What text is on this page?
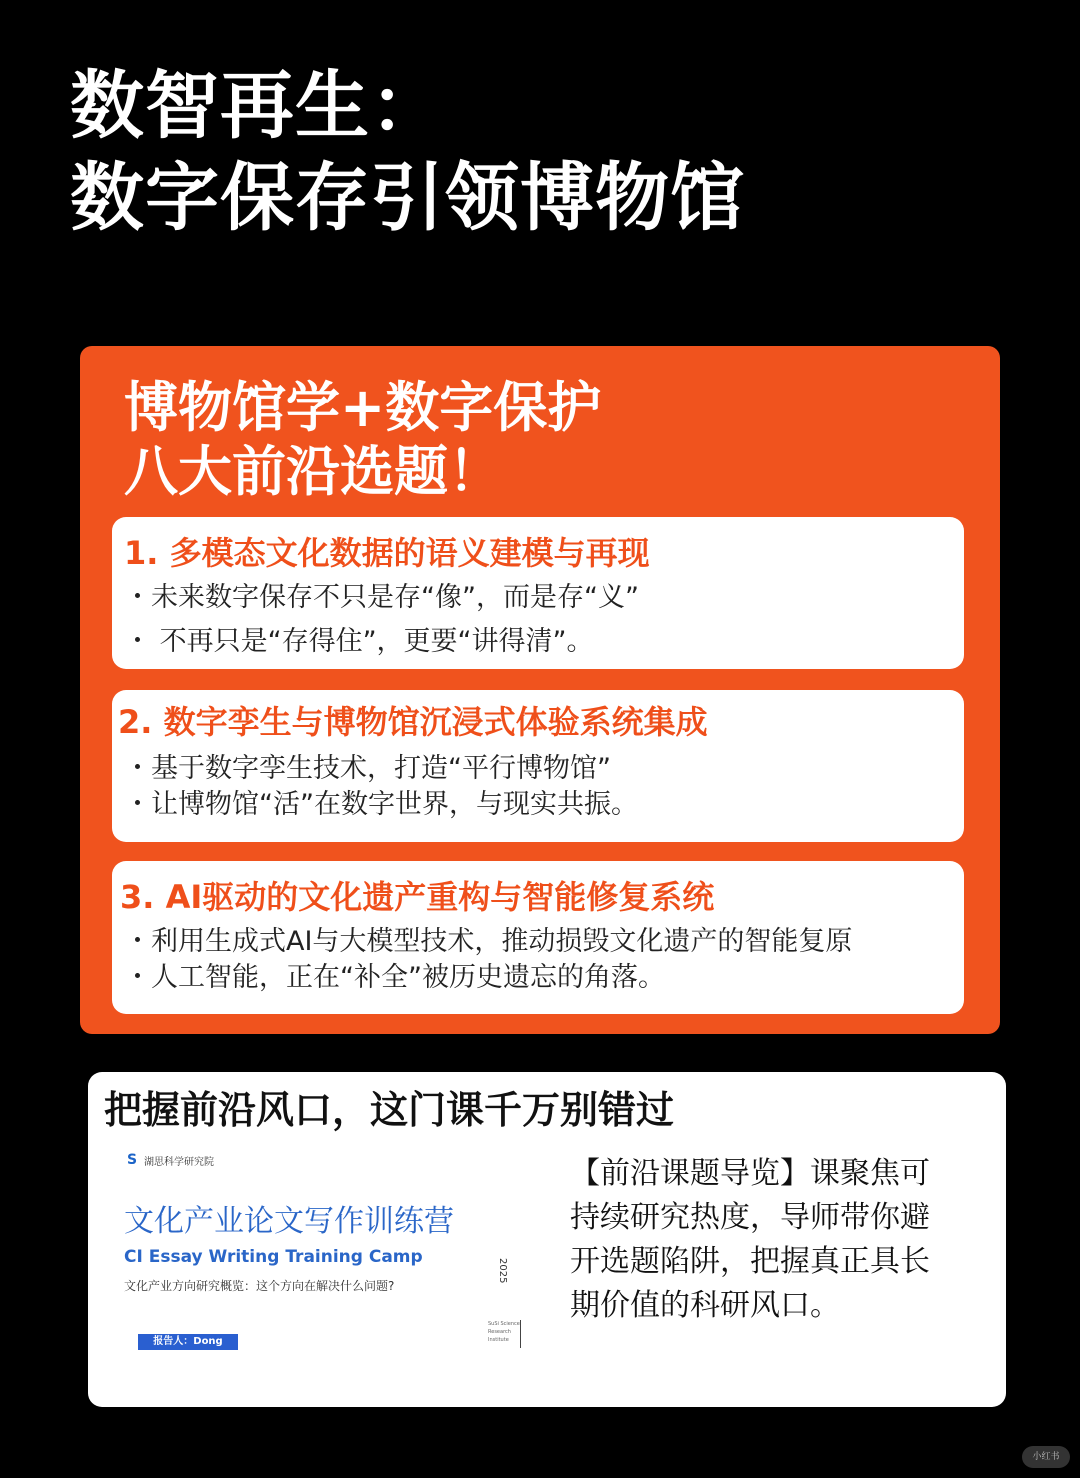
数智再生：
数字保存引领博物馆
博物馆学+数字保护
八大前沿选题！
1. 多模态文化数据的语义建模与再现
・未来数字保存不只是存“像”，而是存“义”
・ 不再只是“存得住”，更要“讲得清”。
2. 数字孪生与博物馆沉浸式体验系统集成
・基于数字孪生技术，打造“平行博物馆”
・让博物馆“活”在数字世界，与现实共振。
3. AI驱动的文化遗产重构与智能修复系统
・利用生成式AI与大模型技术，推动损毁文化遗产的智能复原
・人工智能，正在“补全”被历史遗忘的角落。
把握前沿风口，这门课千万别错过
S 湖思科学研究院
文化产业论文写作训练营
CI Essay Writing Training Camp
文化产业方向研究概览：这个方向在解决什么问题?
2025
报告人：Dong
SuSi Science
Research
Institute
【前沿课题导览】课聚焦可
持续研究热度，导师带你避
开选题陷阱，把握真正具长
期价值的科研风口。
小红书
